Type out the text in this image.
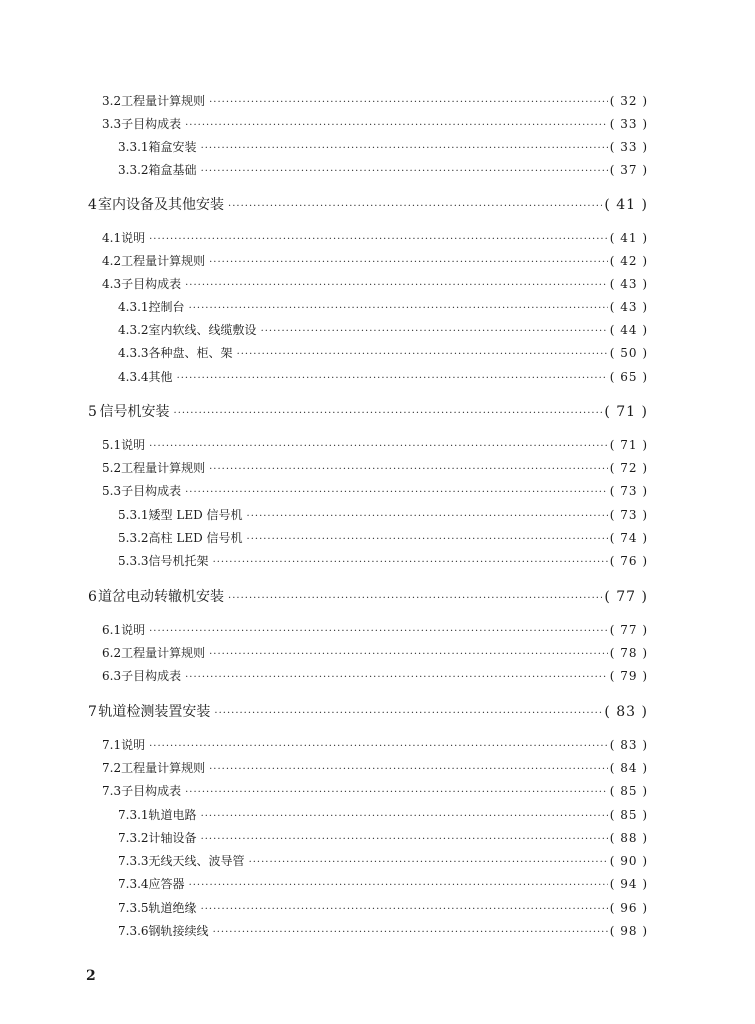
3.2 工程量计算规则 ·····	( 32 )
3.3 子目构成表 ·····	( 33 )
3.3.1 箱盒安装 ·····	( 33 )
3.3.2 箱盒基础 ·····	( 37 )
4 室内设备及其他安装 ·····	( 41 )
4.1 说明 ·····	( 41 )
4.2 工程量计算规则 ·····	( 42 )
4.3 子目构成表 ·····	( 43 )
4.3.1 控制台 ·····	( 43 )
4.3.2 室内软线、线缆敷设 ·····	( 44 )
4.3.3 各种盘、柜、架 ·····	( 50 )
4.3.4 其他 ·····	( 65 )
5 信号机安装 ·····	( 71 )
5.1 说明 ·····	( 71 )
5.2 工程量计算规则 ·····	( 72 )
5.3 子目构成表 ·····	( 73 )
5.3.1 矮型 LED 信号机 ·····	( 73 )
5.3.2 高柱 LED 信号机 ·····	( 74 )
5.3.3 信号机托架 ·····	( 76 )
6 道岔电动转辙机安装 ·····	( 77 )
6.1 说明 ·····	( 77 )
6.2 工程量计算规则 ·····	( 78 )
6.3 子目构成表 ·····	( 79 )
7 轨道检测装置安装 ·····	( 83 )
7.1 说明 ·····	( 83 )
7.2 工程量计算规则 ·····	( 84 )
7.3 子目构成表 ·····	( 85 )
7.3.1 轨道电路 ·····	( 85 )
7.3.2 计轴设备 ·····	( 88 )
7.3.3 无线天线、波导管 ·····	( 90 )
7.3.4 应答器 ·····	( 94 )
7.3.5 轨道绝缘 ·····	( 96 )
7.3.6 钢轨接续线 ·····	( 98 )
2
